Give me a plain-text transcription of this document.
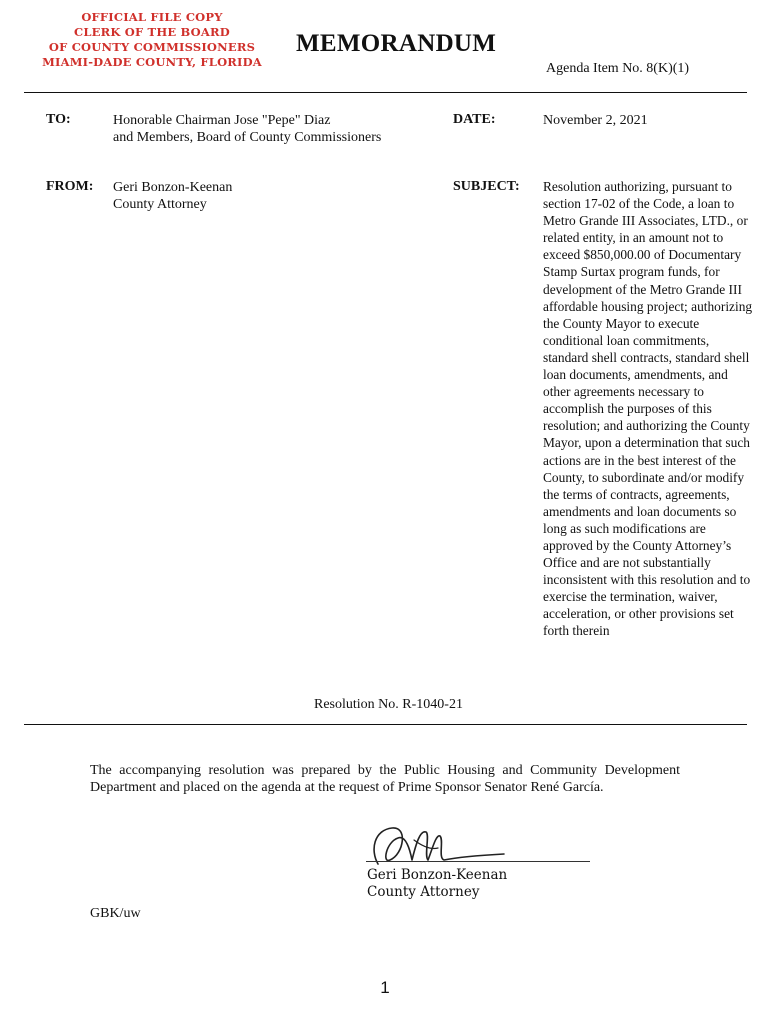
OFFICIAL FILE COPY
CLERK OF THE BOARD
OF COUNTY COMMISSIONERS
MIAMI-DADE COUNTY, FLORIDA
MEMORANDUM
Agenda Item No. 8(K)(1)
TO:	Honorable Chairman Jose "Pepe" Diaz
and Members, Board of County Commissioners
DATE:	November 2, 2021
FROM: Geri Bonzon-Keenan
County Attorney
SUBJECT: Resolution authorizing, pursuant to section 17-02 of the Code, a loan to Metro Grande III Associates, LTD., or related entity, in an amount not to exceed $850,000.00 of Documentary Stamp Surtax program funds, for development of the Metro Grande III affordable housing project; authorizing the County Mayor to execute conditional loan commitments, standard shell contracts, standard shell loan documents, amendments, and other agreements necessary to accomplish the purposes of this resolution; and authorizing the County Mayor, upon a determination that such actions are in the best interest of the County, to subordinate and/or modify the terms of contracts, agreements, amendments and loan documents so long as such modifications are approved by the County Attorney’s Office and are not substantially inconsistent with this resolution and to exercise the termination, waiver, acceleration, or other provisions set forth therein
Resolution No. R-1040-21
The accompanying resolution was prepared by the Public Housing and Community Development Department and placed on the agenda at the request of Prime Sponsor Senator René García.
Geri Bonzon-Keenan
County Attorney
GBK/uw
1
